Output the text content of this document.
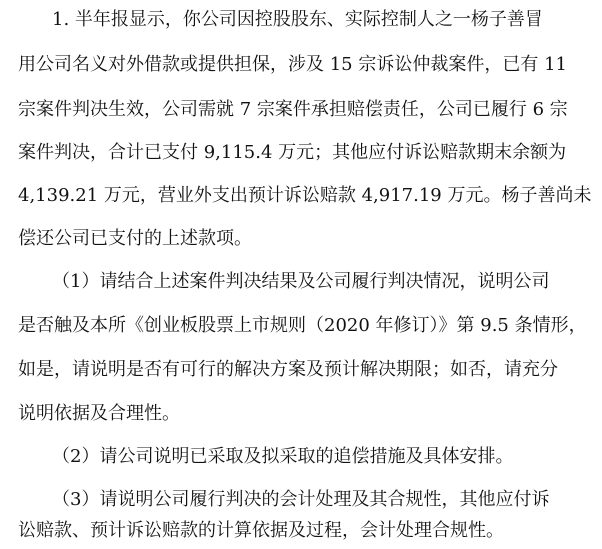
1. 半年报显示，你公司因控股股东、实际控制人之一杨子善冒
用公司名义对外借款或提供担保，涉及 15 宗诉讼仲裁案件，已有 11
宗案件判决生效，公司需就 7 宗案件承担赔偿责任，公司已履行 6 宗
案件判决，合计已支付 9,115.4 万元；其他应付诉讼赔款期末余额为
4,139.21 万元，营业外支出预计诉讼赔款 4,917.19 万元。杨子善尚未
偿还公司已支付的上述款项。
（1）请结合上述案件判决结果及公司履行判决情况，说明公司
是否触及本所《创业板股票上市规则（2020 年修订）》第 9.5 条情形，
如是，请说明是否有可行的解决方案及预计解决期限；如否，请充分
说明依据及合理性。
（2）请公司说明已采取及拟采取的追偿措施及具体安排。
（3）请说明公司履行判决的会计处理及其合规性，其他应付诉
讼赔款、预计诉讼赔款的计算依据及过程，会计处理合规性。
